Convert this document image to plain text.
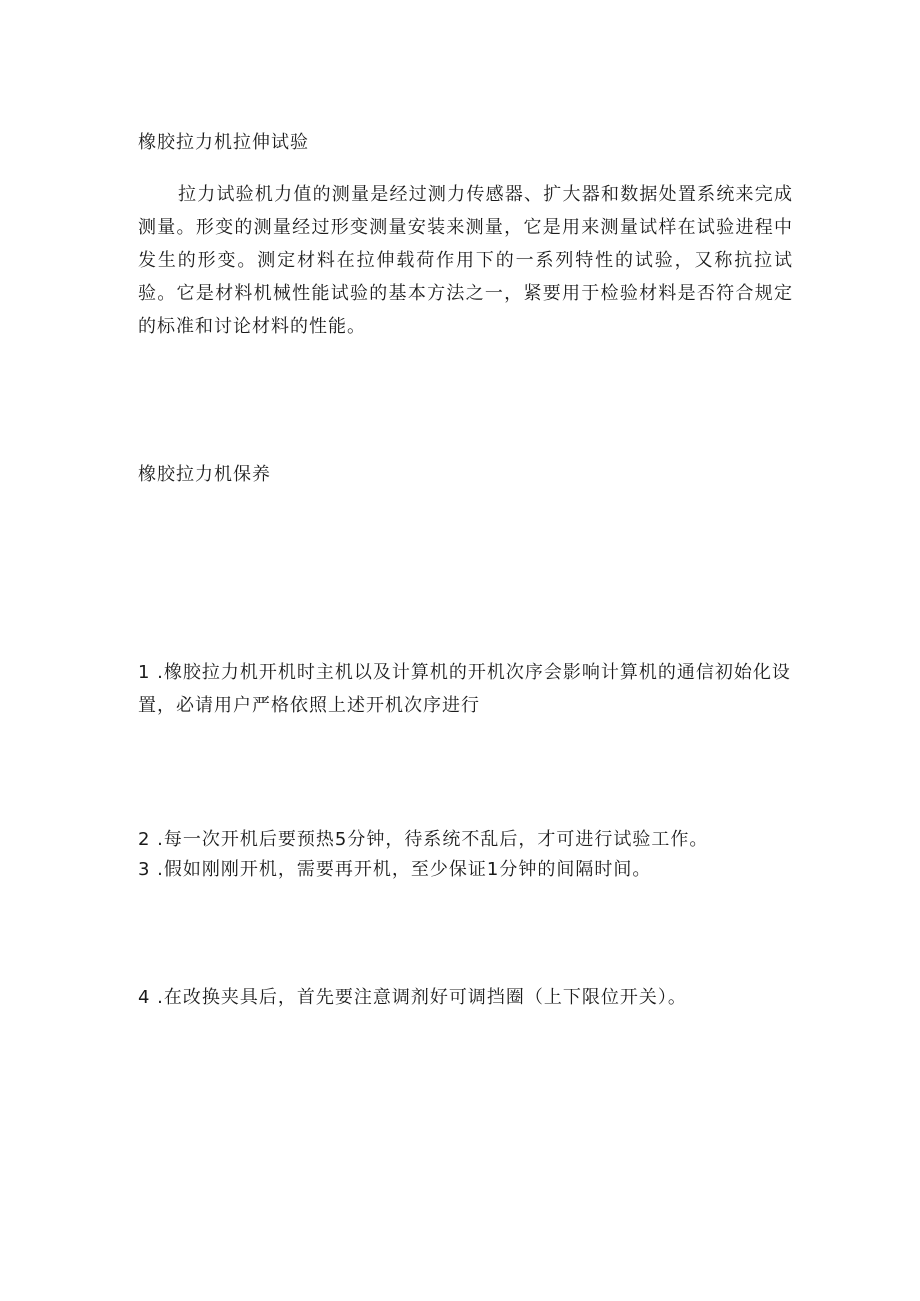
橡胶拉力机拉伸试验

拉力试验机力值的测量是经过测力传感器、扩大器和数据处置系统来完成测量。形变的测量经过形变测量安装来测量，它是用来测量试样在试验进程中发生的形变。测定材料在拉伸载荷作用下的一系列特性的试验，又称抗拉试验。它是材料机械性能试验的基本方法之一，紧要用于检验材料是否符合规定的标准和讨论材料的性能。

橡胶拉力机保养

1 .橡胶拉力机开机时主机以及计算机的开机次序会影响计算机的通信初始化设置，必请用户严格依照上述开机次序进行

2 .每一次开机后要预热5分钟，待系统不乱后，才可进行试验工作。

3 .假如刚刚开机，需要再开机，至少保证1分钟的间隔时间。

4 .在改换夹具后，首先要注意调剂好可调挡圈（上下限位开关）。
